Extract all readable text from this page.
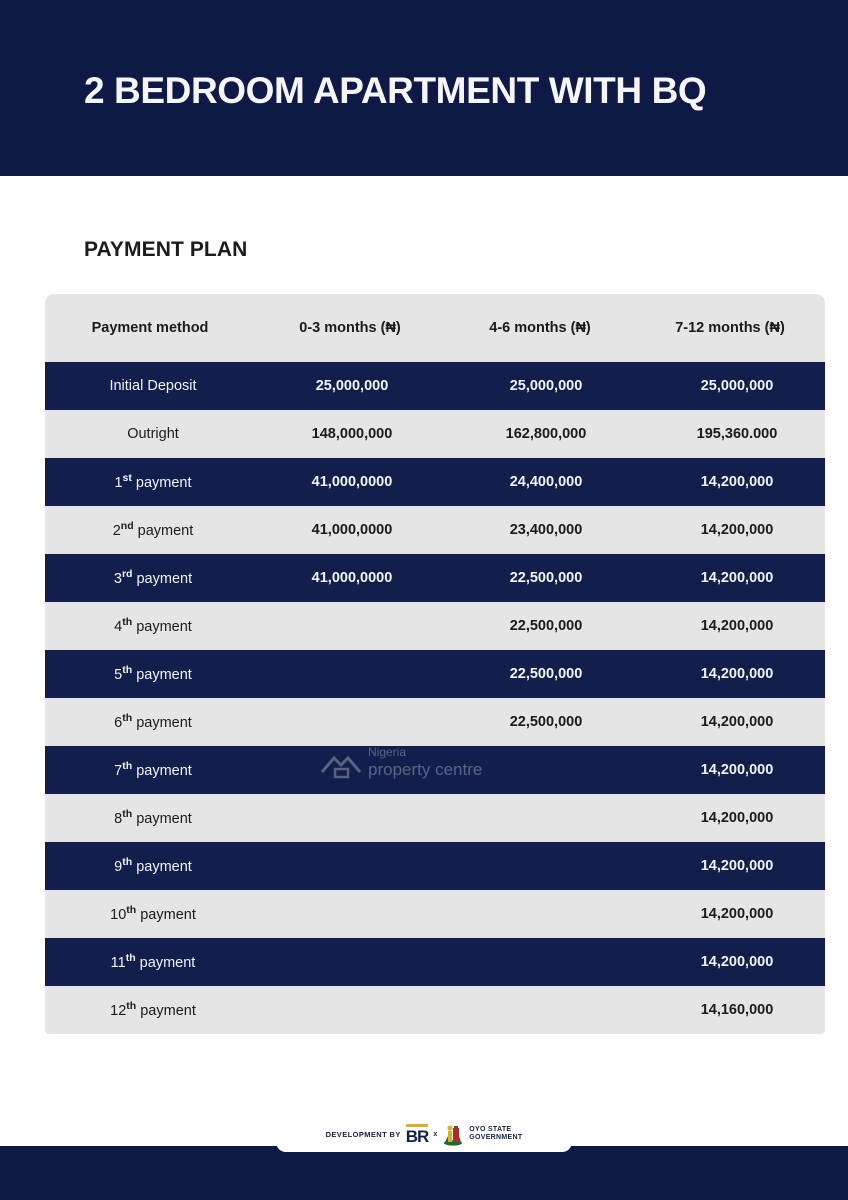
2 BEDROOM APARTMENT WITH BQ
PAYMENT PLAN
Payment method	0-3 months (₦)	4-6 months (₦)	7-12 months (₦)
Initial Deposit	25,000,000	25,000,000	25,000,000
Outright	148,000,000	162,800,000	195,360.000
1st payment	41,000,0000	24,400,000	14,200,000
2nd payment	41,000,0000	23,400,000	14,200,000
3rd payment	41,000,0000	22,500,000	14,200,000
4th payment		22,500,000	14,200,000
5th payment		22,500,000	14,200,000
6th payment		22,500,000	14,200,000
7th payment			14,200,000
8th payment			14,200,000
9th payment			14,200,000
10th payment			14,200,000
11th payment			14,200,000
12th payment			14,160,000
Nigeria
property centre
DEVELOPMENT BY BR x
OYO STATE
GOVERNMENT
